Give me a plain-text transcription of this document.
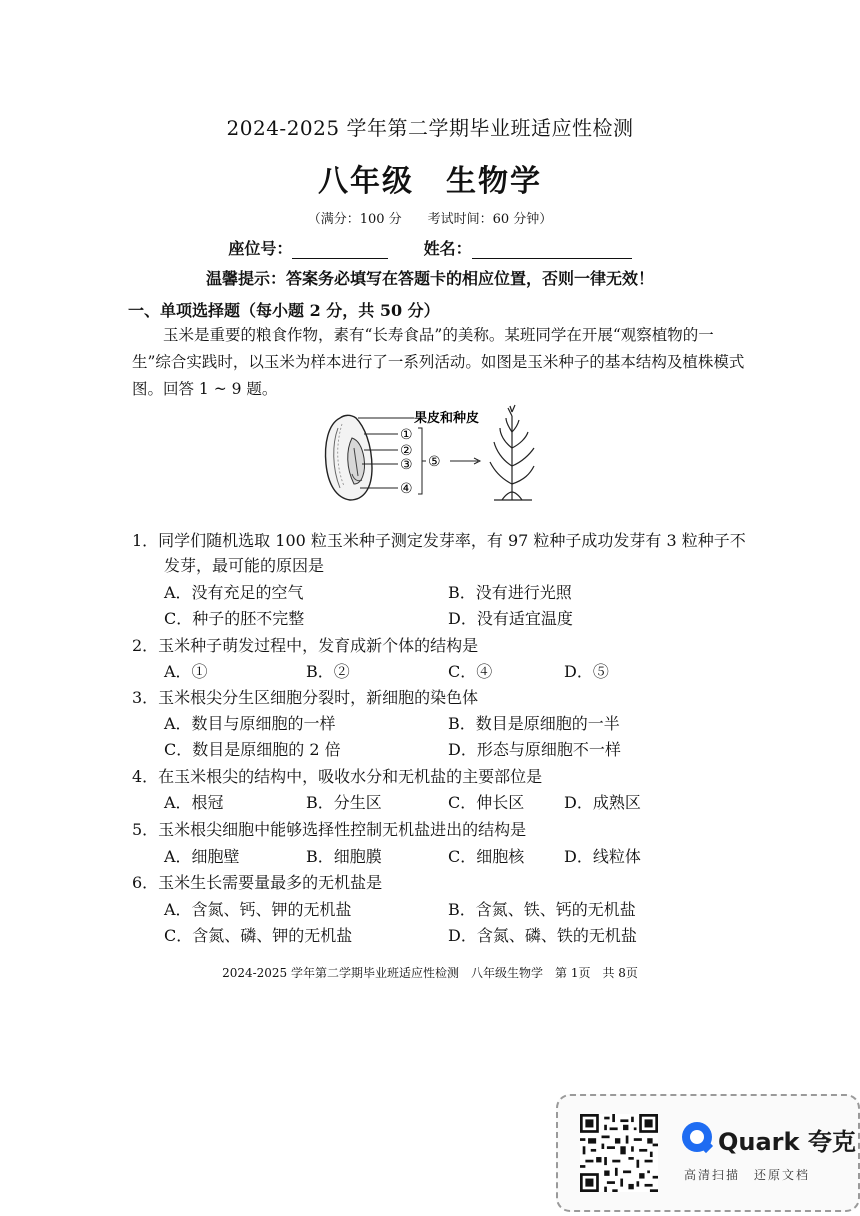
2024-2025 学年第二学期毕业班适应性检测
八年级　生物学
（满分：100 分　　考试时间：60 分钟）
座位号：	姓名：
温馨提示：答案务必填写在答题卡的相应位置，否则一律无效！
一、单项选择题（每小题 2 分，共 50 分）
玉米是重要的粮食作物，素有“长寿食品”的美称。某班同学在开展“观察植物的一生”综合实践时，以玉米为样本进行了一系列活动。如图是玉米种子的基本结构及植株模式图。回答 1 ~ 9 题。
果皮和种皮
①
②
③
④
⑤
1．同学们随机选取 100 粒玉米种子测定发芽率，有 97 粒种子成功发芽有 3 粒种子不
发芽，最可能的原因是
A．没有充足的空气	B．没有进行光照
C．种子的胚不完整	D．没有适宜温度
2．玉米种子萌发过程中，发育成新个体的结构是
A．①	B．②	C．④	D．⑤
3．玉米根尖分生区细胞分裂时，新细胞的染色体
A．数目与原细胞的一样	B．数目是原细胞的一半
C．数目是原细胞的 2 倍	D．形态与原细胞不一样
4．在玉米根尖的结构中，吸收水分和无机盐的主要部位是
A．根冠	B．分生区	C．伸长区 D．成熟区
5．玉米根尖细胞中能够选择性控制无机盐进出的结构是
A．细胞壁	B．细胞膜	C．细胞核 D．线粒体
6．玉米生长需要量最多的无机盐是
A．含氮、钙、钾的无机盐	B．含氮、铁、钙的无机盐
C．含氮、磷、钾的无机盐	D．含氮、磷、铁的无机盐
2024-2025 学年第二学期毕业班适应性检测　八年级生物学　第 1页　共 8页
Quark 夸克
高清扫描　还原文档
